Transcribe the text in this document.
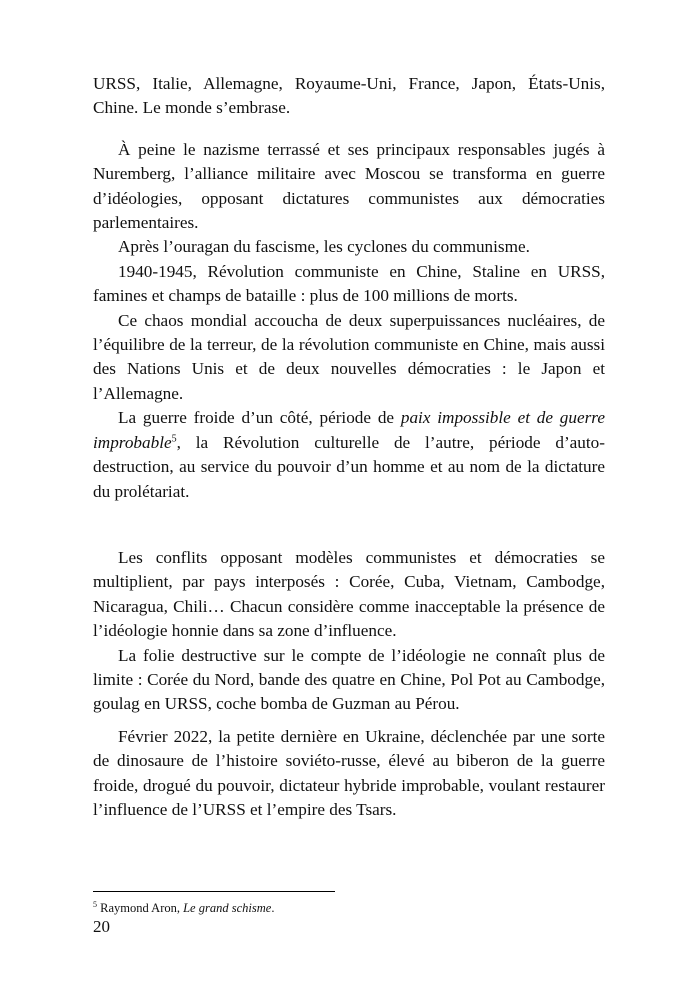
URSS, Italie, Allemagne, Royaume-Uni, France, Japon, États-Unis, Chine. Le monde s’embrase.

À peine le nazisme terrassé et ses principaux responsables jugés à Nuremberg, l’alliance militaire avec Moscou se transforma en guerre d’idéologies, opposant dictatures communistes aux démocraties parlementaires.

Après l’ouragan du fascisme, les cyclones du communisme.

1940-1945, Révolution communiste en Chine, Staline en URSS, famines et champs de bataille : plus de 100 millions de morts.

Ce chaos mondial accoucha de deux superpuissances nucléaires, de l’équilibre de la terreur, de la révolution communiste en Chine, mais aussi des Nations Unis et de deux nouvelles démocraties : le Japon et l’Allemagne.

La guerre froide d’un côté, période de paix impossible et de guerre improbable$^5$, la Révolution culturelle de l’autre, période d’auto-destruction, au service du pouvoir d’un homme et au nom de la dictature du prolétariat.

Les conflits opposant modèles communistes et démocraties se multiplient, par pays interposés : Corée, Cuba, Vietnam, Cambodge, Nicaragua, Chili… Chacun considère comme inacceptable la présence de l’idéologie honnie dans sa zone d’influence.

La folie destructive sur le compte de l’idéologie ne connaît plus de limite : Corée du Nord, bande des quatre en Chine, Pol Pot au Cambodge, goulag en URSS, coche bomba de Guzman au Pérou.

Février 2022, la petite dernière en Ukraine, déclenchée par une sorte de dinosaure de l’histoire soviéto-russe, élevé au biberon de la guerre froide, drogué du pouvoir, dictateur hybride improbable, voulant restaurer l’influence de l’URSS et l’empire des Tsars.

$^5$ Raymond Aron, Le grand schisme.
20
